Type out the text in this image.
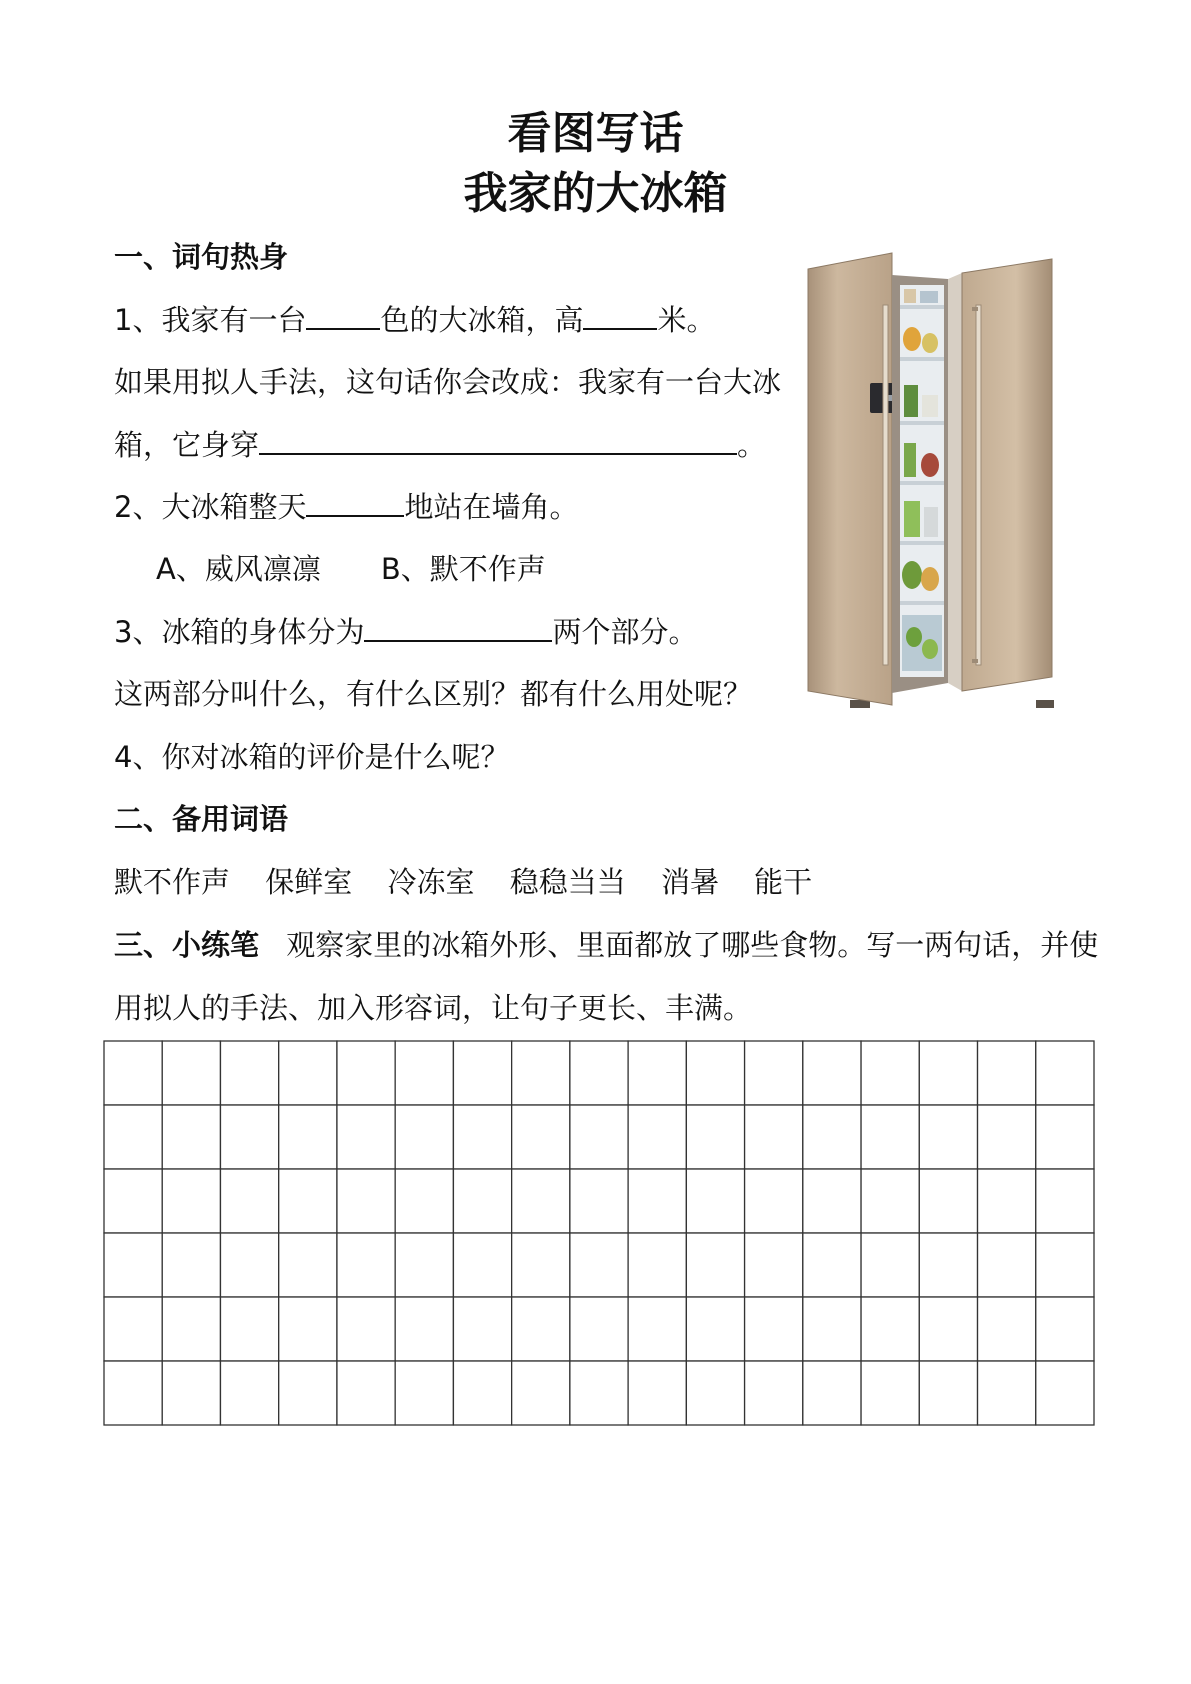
看图写话
我家的大冰箱
一、词句热身
1、我家有一台	色的大冰箱，高	米。
如果用拟人手法，这句话你会改成：我家有一台大冰
箱，它身穿	。
2、大冰箱整天	地站在墙角。
A、威风凛凛 B、默不作声
3、冰箱的身体分为	两个部分。
这两部分叫什么，有什么区别？都有什么用处呢？
4、你对冰箱的评价是什么呢？
二、备用词语
默不作声 保鲜室 冷冻室 稳稳当当 消暑 能干
三、小练笔 观察家里的冰箱外形、里面都放了哪些食物。写一两句话，并使
用拟人的手法、加入形容词，让句子更长、丰满。
